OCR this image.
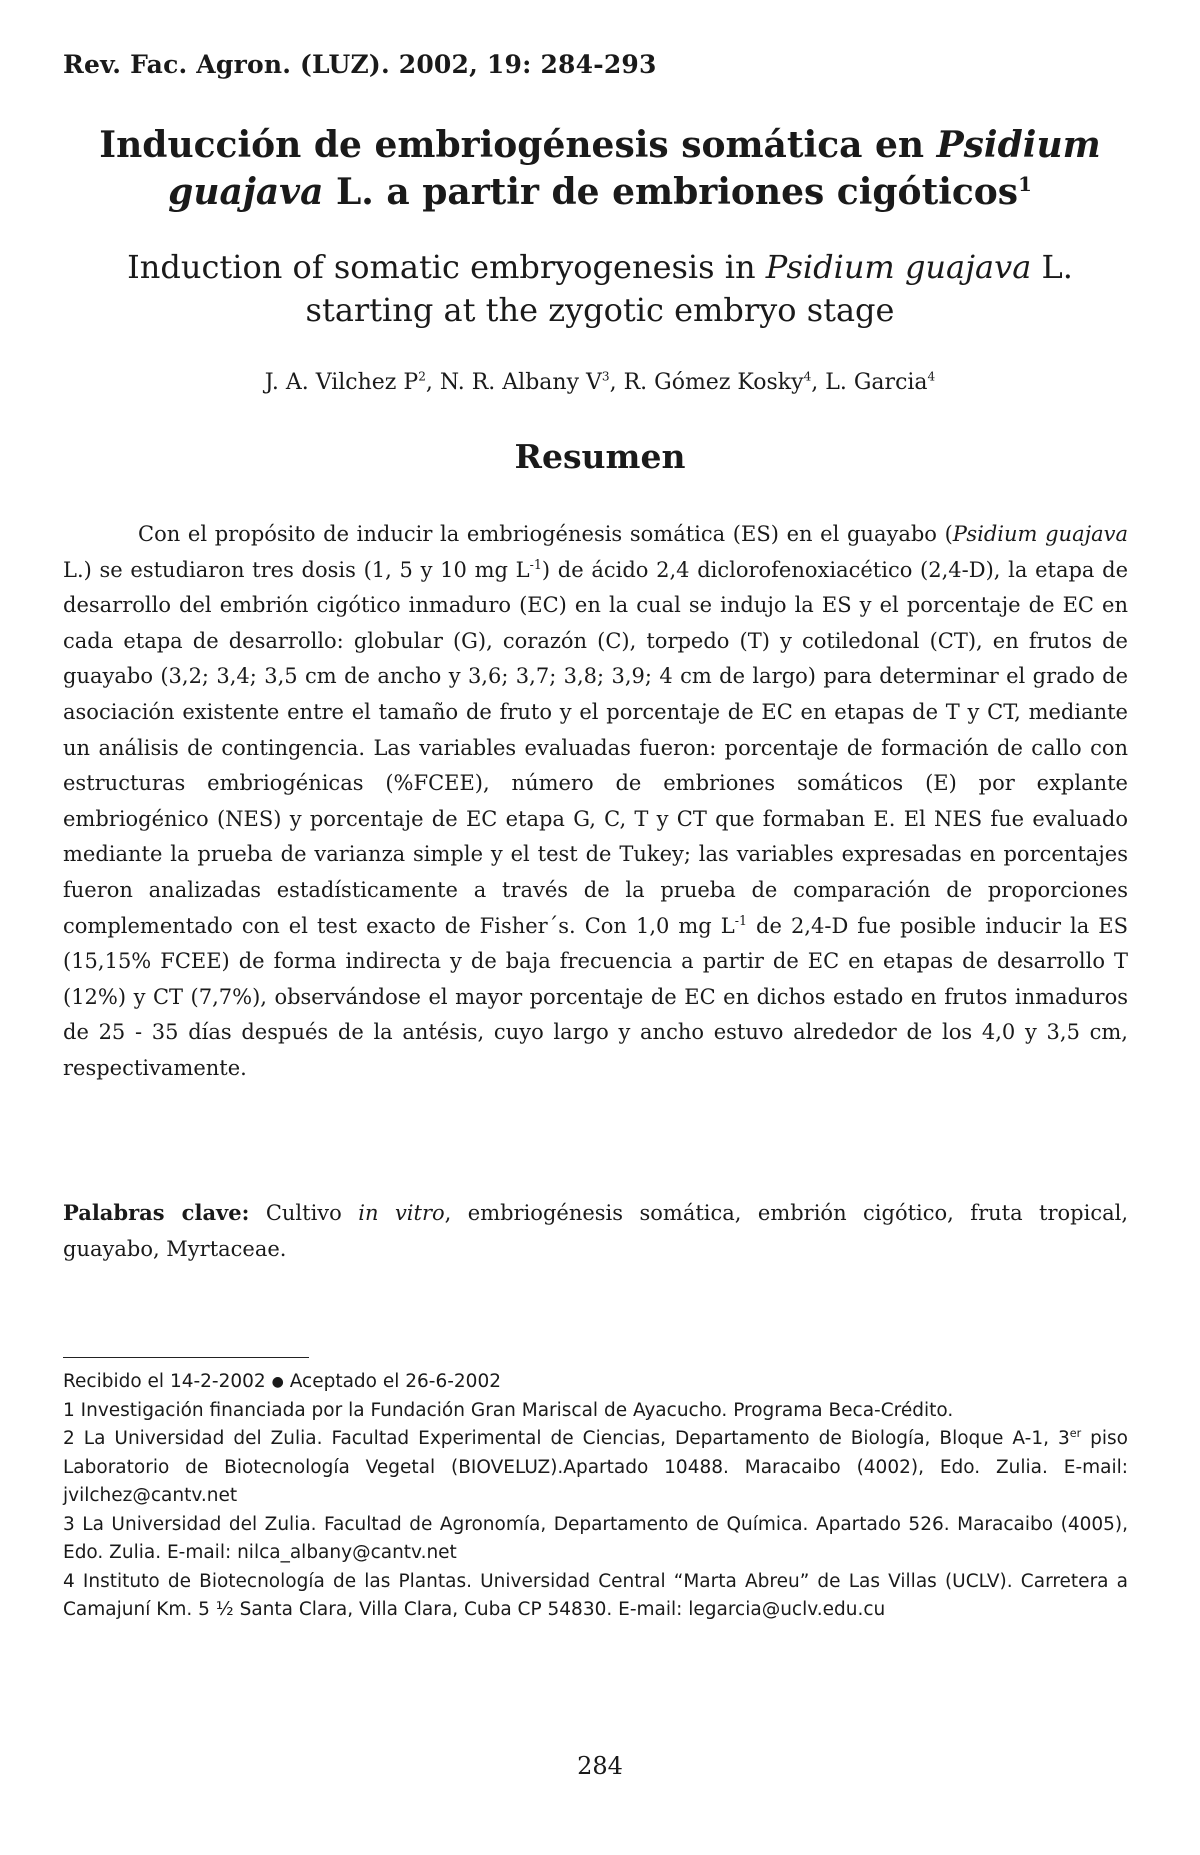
Rev. Fac. Agron. (LUZ). 2002, 19: 284-293
Inducción de embriogénesis somática en Psidium guajava L. a partir de embriones cigóticos$^1$
Induction of somatic embryogenesis in Psidium guajava L. starting at the zygotic embryo stage
J. A. Vilchez $P^2$, N. R. Albany $V^3$, R. Gómez Kosky$^4$, L. Garcia$^4$
Resumen

Con el propósito de inducir la embriogénesis somática (ES) en el guayabo (Psidium guajava L.) se estudiaron tres dosis (1, 5 y 10 mg $L^{-1}$) de ácido 2,4 diclorofenoxiacético (2,4-D), la etapa de desarrollo del embrión cigótico inmaduro (EC) en la cual se indujo la ES y el porcentaje de EC en cada etapa de desarrollo: globular (G), corazón (C), torpedo (T) y cotiledonal (CT), en frutos de guayabo (3,2; 3,4; 3,5 cm de ancho y 3,6; 3,7; 3,8; 3,9; 4 cm de largo) para determinar el grado de asociación existente entre el tamaño de fruto y el porcentaje de EC en etapas de T y CT, mediante un análisis de contingencia. Las variables evaluadas fueron: porcentaje de formación de callo con estructuras embriogénicas (%FCEE), número de embriones somáticos (E) por explante embriogénico (NES) y porcentaje de EC etapa G, C, T y CT que formaban E. El NES fue evaluado mediante la prueba de varianza simple y el test de Tukey; las variables expresadas en porcentajes fueron analizadas estadísticamente a través de la prueba de comparación de proporciones complementado con el test exacto de Fisher´s. Con 1,0 mg $L^{-1}$ de 2,4-D fue posible inducir la ES (15,15% FCEE) de forma indirecta y de baja frecuencia a partir de EC en etapas de desarrollo T (12%) y CT (7,7%), observándose el mayor porcentaje de EC en dichos estado en frutos inmaduros de 25 - 35 días después de la antésis, cuyo largo y ancho estuvo alrededor de los 4,0 y 3,5 cm, respectivamente.

Palabras clave: Cultivo in vitro, embriogénesis somática, embrión cigótico, fruta tropical, guayabo, Myrtaceae.

Recibido el 14-2-2002 ● Aceptado el 26-6-2002

1 Investigación financiada por la Fundación Gran Mariscal de Ayacucho. Programa Beca-Crédito.

2 La Universidad del Zulia. Facultad Experimental de Ciencias, Departamento de Biología, Bloque A-1, 3er piso Laboratorio de Biotecnología Vegetal (BIOVELUZ).Apartado 10488. Maracaibo (4002), Edo. Zulia. E-mail: jvilchez@cantv.net

3 La Universidad del Zulia. Facultad de Agronomía, Departamento de Química. Apartado 526. Maracaibo (4005), Edo. Zulia. E-mail: nilca_albany@cantv.net

4 Instituto de Biotecnología de las Plantas. Universidad Central “Marta Abreu” de Las Villas (UCLV). Carretera a Camajuní Km. 5 ½ Santa Clara, Villa Clara, Cuba CP 54830. E-mail: legarcia@uclv.edu.cu

284
